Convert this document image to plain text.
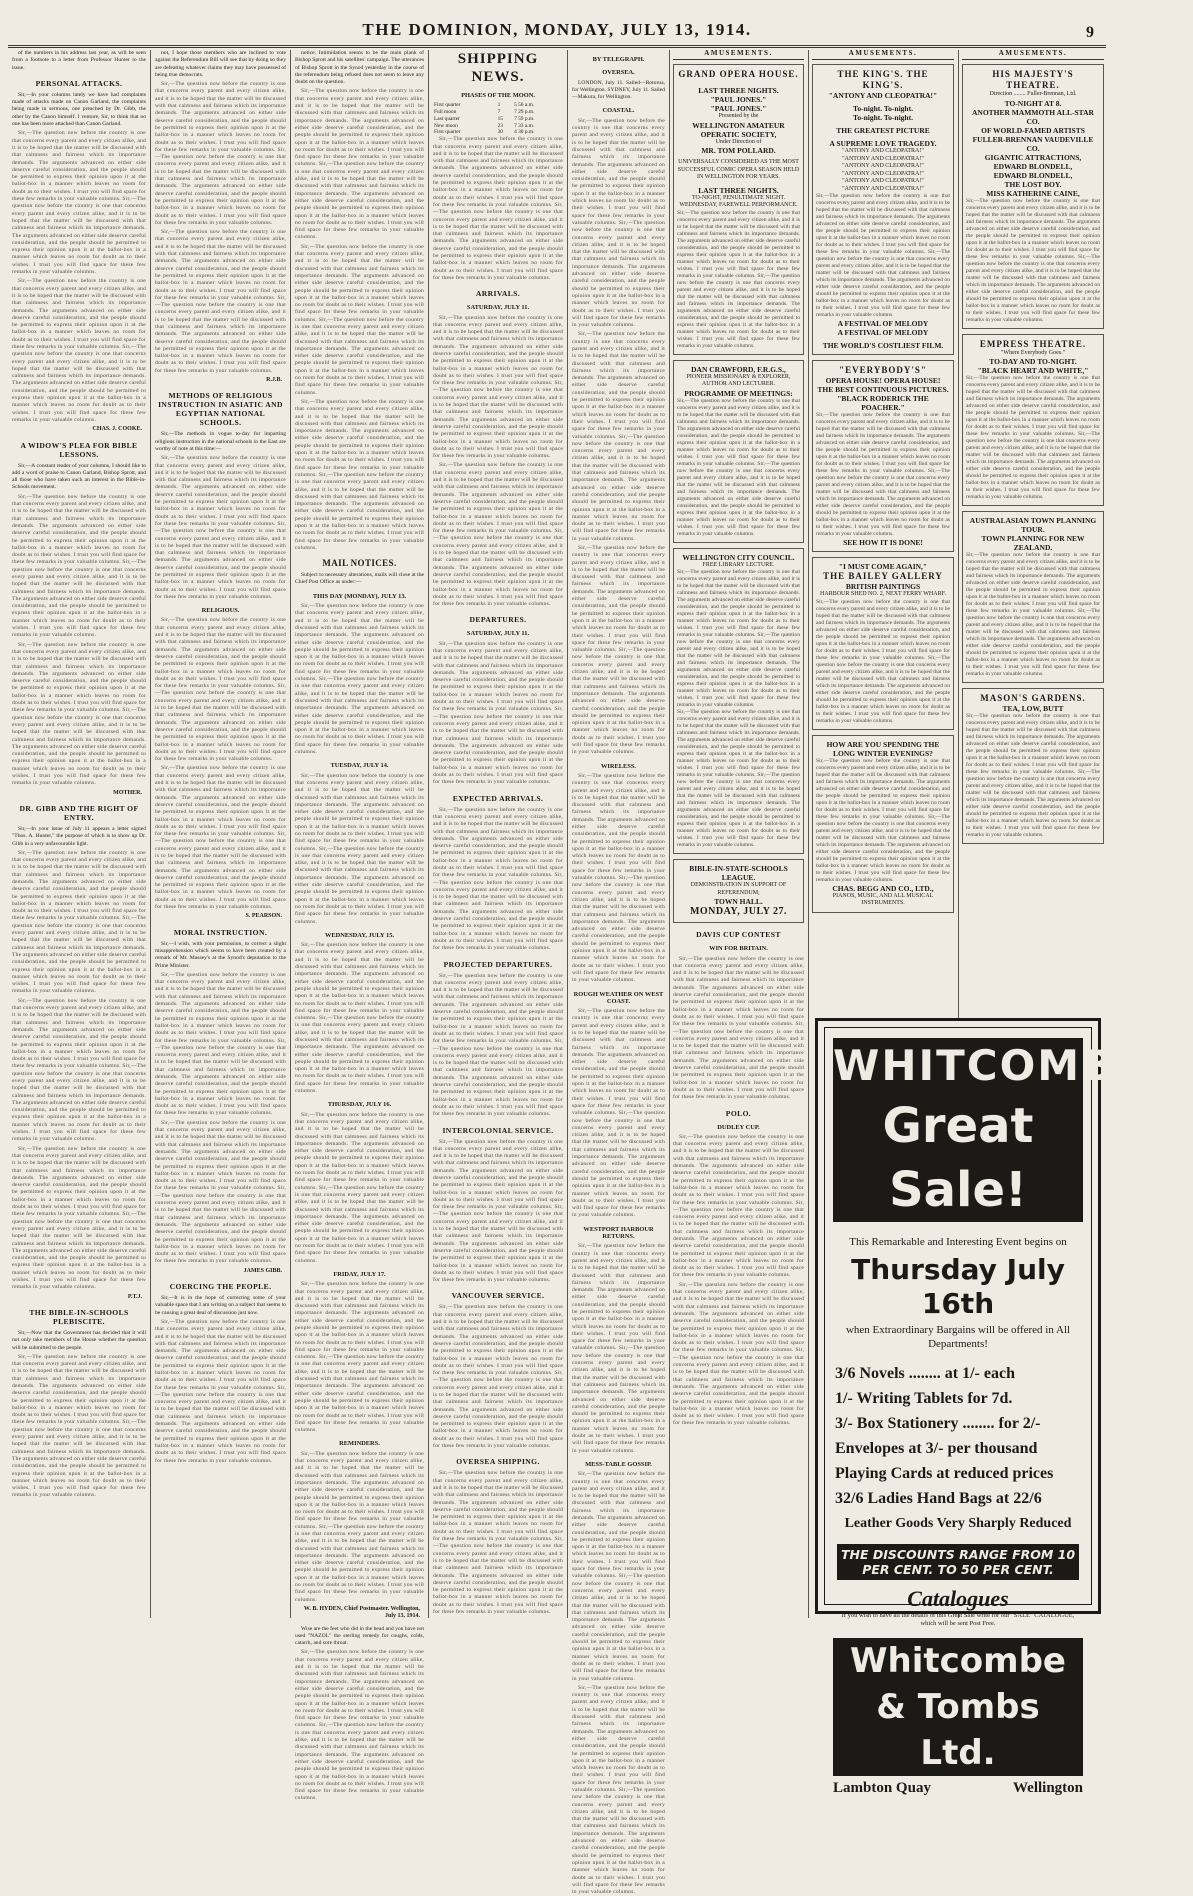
THE DOMINION, MONDAY, JULY 13, 1914.	9

of the numbers in his address last year, as will be seen from a footnote to a letter from Professor Hunter to the issue.

PERSONAL ATTACKS.

Sir,—In your columns lately we have had complaints made of attacks made on Canon Garland, the complaints being made in sermons, one preached by Dr. Gibb, the other by the Canon himself. I venture, Sir, to think that no one has been more attacked than Canon Garland.

Sir,—The question now before the country is one that concerns every parent and every citizen alike, and it is to be hoped that the matter will be discussed with that calmness and fairness which its importance demands. The arguments advanced on either side deserve careful consideration, and the people should be permitted to express their opinion upon it at the ballot-box in a manner which leaves no room for doubt as to their wishes. I trust you will find space for these few remarks in your valuable columns. Sir,—The question now before the country is one that concerns every parent and every citizen alike, and it is to be hoped that the matter will be discussed with that calmness and fairness which its importance demands. The arguments advanced on either side deserve careful consideration, and the people should be permitted to express their opinion upon it at the ballot-box in a manner which leaves no room for doubt as to their wishes. I trust you will find space for these few remarks in your valuable columns.

Sir,—The question now before the country is one that concerns every parent and every citizen alike, and it is to be hoped that the matter will be discussed with that calmness and fairness which its importance demands. The arguments advanced on either side deserve careful consideration, and the people should be permitted to express their opinion upon it at the ballot-box in a manner which leaves no room for doubt as to their wishes. I trust you will find space for these few remarks in your valuable columns. Sir,—The question now before the country is one that concerns every parent and every citizen alike, and it is to be hoped that the matter will be discussed with that calmness and fairness which its importance demands. The arguments advanced on either side deserve careful consideration, and the people should be permitted to express their opinion upon it at the ballot-box in a manner which leaves no room for doubt as to their wishes. I trust you will find space for these few remarks in your valuable columns.

CHAS. J. COOKE.
A WIDOW'S PLEA FOR BIBLE LESSONS.

Sir,—A constant reader of your columns, I should like to add a word of praise to Canon Garland, Bishop Sprott, and all those who have taken such an interest in the Bible-in-Schools movement.

Sir,—The question now before the country is one that concerns every parent and every citizen alike, and it is to be hoped that the matter will be discussed with that calmness and fairness which its importance demands. The arguments advanced on either side deserve careful consideration, and the people should be permitted to express their opinion upon it at the ballot-box in a manner which leaves no room for doubt as to their wishes. I trust you will find space for these few remarks in your valuable columns. Sir,—The question now before the country is one that concerns every parent and every citizen alike, and it is to be hoped that the matter will be discussed with that calmness and fairness which its importance demands. The arguments advanced on either side deserve careful consideration, and the people should be permitted to express their opinion upon it at the ballot-box in a manner which leaves no room for doubt as to their wishes. I trust you will find space for these few remarks in your valuable columns.

Sir,—The question now before the country is one that concerns every parent and every citizen alike, and it is to be hoped that the matter will be discussed with that calmness and fairness which its importance demands. The arguments advanced on either side deserve careful consideration, and the people should be permitted to express their opinion upon it at the ballot-box in a manner which leaves no room for doubt as to their wishes. I trust you will find space for these few remarks in your valuable columns. Sir,—The question now before the country is one that concerns every parent and every citizen alike, and it is to be hoped that the matter will be discussed with that calmness and fairness which its importance demands. The arguments advanced on either side deserve careful consideration, and the people should be permitted to express their opinion upon it at the ballot-box in a manner which leaves no room for doubt as to their wishes. I trust you will find space for these few remarks in your valuable columns.

MOTHER.
DR. GIBB AND THE RIGHT OF ENTRY.

Sir,—In your issue of July 11 appears a letter signed "Thos. A. Hunter," the purpose of which is to show up Dr. Gibb in a very unfavourable light.

Sir,—The question now before the country is one that concerns every parent and every citizen alike, and it is to be hoped that the matter will be discussed with that calmness and fairness which its importance demands. The arguments advanced on either side deserve careful consideration, and the people should be permitted to express their opinion upon it at the ballot-box in a manner which leaves no room for doubt as to their wishes. I trust you will find space for these few remarks in your valuable columns. Sir,—The question now before the country is one that concerns every parent and every citizen alike, and it is to be hoped that the matter will be discussed with that calmness and fairness which its importance demands. The arguments advanced on either side deserve careful consideration, and the people should be permitted to express their opinion upon it at the ballot-box in a manner which leaves no room for doubt as to their wishes. I trust you will find space for these few remarks in your valuable columns.

Sir,—The question now before the country is one that concerns every parent and every citizen alike, and it is to be hoped that the matter will be discussed with that calmness and fairness which its importance demands. The arguments advanced on either side deserve careful consideration, and the people should be permitted to express their opinion upon it at the ballot-box in a manner which leaves no room for doubt as to their wishes. I trust you will find space for these few remarks in your valuable columns. Sir,—The question now before the country is one that concerns every parent and every citizen alike, and it is to be hoped that the matter will be discussed with that calmness and fairness which its importance demands. The arguments advanced on either side deserve careful consideration, and the people should be permitted to express their opinion upon it at the ballot-box in a manner which leaves no room for doubt as to their wishes. I trust you will find space for these few remarks in your valuable columns.

Sir,—The question now before the country is one that concerns every parent and every citizen alike, and it is to be hoped that the matter will be discussed with that calmness and fairness which its importance demands. The arguments advanced on either side deserve careful consideration, and the people should be permitted to express their opinion upon it at the ballot-box in a manner which leaves no room for doubt as to their wishes. I trust you will find space for these few remarks in your valuable columns. Sir,—The question now before the country is one that concerns every parent and every citizen alike, and it is to be hoped that the matter will be discussed with that calmness and fairness which its importance demands. The arguments advanced on either side deserve careful consideration, and the people should be permitted to express their opinion upon it at the ballot-box in a manner which leaves no room for doubt as to their wishes. I trust you will find space for these few remarks in your valuable columns.

P.T.J.
THE BIBLE-IN-SCHOOLS PLEBISCITE.

Sir,—Now that the Government has decided that it will not only take members of the House whether the question will be submitted to the people.

Sir,—The question now before the country is one that concerns every parent and every citizen alike, and it is to be hoped that the matter will be discussed with that calmness and fairness which its importance demands. The arguments advanced on either side deserve careful consideration, and the people should be permitted to express their opinion upon it at the ballot-box in a manner which leaves no room for doubt as to their wishes. I trust you will find space for these few remarks in your valuable columns. Sir,—The question now before the country is one that concerns every parent and every citizen alike, and it is to be hoped that the matter will be discussed with that calmness and fairness which its importance demands. The arguments advanced on either side deserve careful consideration, and the people should be permitted to express their opinion upon it at the ballot-box in a manner which leaves no room for doubt as to their wishes. I trust you will find space for these few remarks in your valuable columns.

not, I hope those members who are inclined to vote against the Referendum Bill will see that by doing so they are defeating whatever claims they may have possessed of being true democrats.

Sir,—The question now before the country is one that concerns every parent and every citizen alike, and it is to be hoped that the matter will be discussed with that calmness and fairness which its importance demands. The arguments advanced on either side deserve careful consideration, and the people should be permitted to express their opinion upon it at the ballot-box in a manner which leaves no room for doubt as to their wishes. I trust you will find space for these few remarks in your valuable columns. Sir,—The question now before the country is one that concerns every parent and every citizen alike, and it is to be hoped that the matter will be discussed with that calmness and fairness which its importance demands. The arguments advanced on either side deserve careful consideration, and the people should be permitted to express their opinion upon it at the ballot-box in a manner which leaves no room for doubt as to their wishes. I trust you will find space for these few remarks in your valuable columns.

Sir,—The question now before the country is one that concerns every parent and every citizen alike, and it is to be hoped that the matter will be discussed with that calmness and fairness which its importance demands. The arguments advanced on either side deserve careful consideration, and the people should be permitted to express their opinion upon it at the ballot-box in a manner which leaves no room for doubt as to their wishes. I trust you will find space for these few remarks in your valuable columns. Sir,—The question now before the country is one that concerns every parent and every citizen alike, and it is to be hoped that the matter will be discussed with that calmness and fairness which its importance demands. The arguments advanced on either side deserve careful consideration, and the people should be permitted to express their opinion upon it at the ballot-box in a manner which leaves no room for doubt as to their wishes. I trust you will find space for these few remarks in your valuable columns.

R.J.B.
METHODS OF RELIGIOUS INSTRUCTION IN ASIATIC AND EGYPTIAN NATIONAL SCHOOLS.

Sir,—The methods in vogue to-day for imparting religious instruction in the national schools in the East are worthy of note at this time:—

Sir,—The question now before the country is one that concerns every parent and every citizen alike, and it is to be hoped that the matter will be discussed with that calmness and fairness which its importance demands. The arguments advanced on either side deserve careful consideration, and the people should be permitted to express their opinion upon it at the ballot-box in a manner which leaves no room for doubt as to their wishes. I trust you will find space for these few remarks in your valuable columns. Sir,—The question now before the country is one that concerns every parent and every citizen alike, and it is to be hoped that the matter will be discussed with that calmness and fairness which its importance demands. The arguments advanced on either side deserve careful consideration, and the people should be permitted to express their opinion upon it at the ballot-box in a manner which leaves no room for doubt as to their wishes. I trust you will find space for these few remarks in your valuable columns.

RELIGIOUS.

Sir,—The question now before the country is one that concerns every parent and every citizen alike, and it is to be hoped that the matter will be discussed with that calmness and fairness which its importance demands. The arguments advanced on either side deserve careful consideration, and the people should be permitted to express their opinion upon it at the ballot-box in a manner which leaves no room for doubt as to their wishes. I trust you will find space for these few remarks in your valuable columns. Sir,—The question now before the country is one that concerns every parent and every citizen alike, and it is to be hoped that the matter will be discussed with that calmness and fairness which its importance demands. The arguments advanced on either side deserve careful consideration, and the people should be permitted to express their opinion upon it at the ballot-box in a manner which leaves no room for doubt as to their wishes. I trust you will find space for these few remarks in your valuable columns.

Sir,—The question now before the country is one that concerns every parent and every citizen alike, and it is to be hoped that the matter will be discussed with that calmness and fairness which its importance demands. The arguments advanced on either side deserve careful consideration, and the people should be permitted to express their opinion upon it at the ballot-box in a manner which leaves no room for doubt as to their wishes. I trust you will find space for these few remarks in your valuable columns. Sir,—The question now before the country is one that concerns every parent and every citizen alike, and it is to be hoped that the matter will be discussed with that calmness and fairness which its importance demands. The arguments advanced on either side deserve careful consideration, and the people should be permitted to express their opinion upon it at the ballot-box in a manner which leaves no room for doubt as to their wishes. I trust you will find space for these few remarks in your valuable columns.

S. PEARSON.
MORAL INSTRUCTION.

Sir,—I wish, with your permission, to correct a slight misapprehension which seems to have been created by a remark of Mr. Massey's at the Synod's deputation to the Prime Minister.

Sir,—The question now before the country is one that concerns every parent and every citizen alike, and it is to be hoped that the matter will be discussed with that calmness and fairness which its importance demands. The arguments advanced on either side deserve careful consideration, and the people should be permitted to express their opinion upon it at the ballot-box in a manner which leaves no room for doubt as to their wishes. I trust you will find space for these few remarks in your valuable columns. Sir,—The question now before the country is one that concerns every parent and every citizen alike, and it is to be hoped that the matter will be discussed with that calmness and fairness which its importance demands. The arguments advanced on either side deserve careful consideration, and the people should be permitted to express their opinion upon it at the ballot-box in a manner which leaves no room for doubt as to their wishes. I trust you will find space for these few remarks in your valuable columns.

Sir,—The question now before the country is one that concerns every parent and every citizen alike, and it is to be hoped that the matter will be discussed with that calmness and fairness which its importance demands. The arguments advanced on either side deserve careful consideration, and the people should be permitted to express their opinion upon it at the ballot-box in a manner which leaves no room for doubt as to their wishes. I trust you will find space for these few remarks in your valuable columns. Sir,—The question now before the country is one that concerns every parent and every citizen alike, and it is to be hoped that the matter will be discussed with that calmness and fairness which its importance demands. The arguments advanced on either side deserve careful consideration, and the people should be permitted to express their opinion upon it at the ballot-box in a manner which leaves no room for doubt as to their wishes. I trust you will find space for these few remarks in your valuable columns.

JAMES GIBB.
COERCING THE PEOPLE.

Sir,—It is in the hope of correcting some of your valuable space that I am writing on a subject that seems to be causing a great deal of discussion just now.

Sir,—The question now before the country is one that concerns every parent and every citizen alike, and it is to be hoped that the matter will be discussed with that calmness and fairness which its importance demands. The arguments advanced on either side deserve careful consideration, and the people should be permitted to express their opinion upon it at the ballot-box in a manner which leaves no room for doubt as to their wishes. I trust you will find space for these few remarks in your valuable columns. Sir,—The question now before the country is one that concerns every parent and every citizen alike, and it is to be hoped that the matter will be discussed with that calmness and fairness which its importance demands. The arguments advanced on either side deserve careful consideration, and the people should be permitted to express their opinion upon it at the ballot-box in a manner which leaves no room for doubt as to their wishes. I trust you will find space for these few remarks in your valuable columns.

notice. Intimidation seems to be the main plank of Bishop Sprott and his satellites' campaign. The utterances of Bishop Sprott in the Synod yesterday in the course of the referendum being refused does not seem to leave any doubt on the question.

Sir,—The question now before the country is one that concerns every parent and every citizen alike, and it is to be hoped that the matter will be discussed with that calmness and fairness which its importance demands. The arguments advanced on either side deserve careful consideration, and the people should be permitted to express their opinion upon it at the ballot-box in a manner which leaves no room for doubt as to their wishes. I trust you will find space for these few remarks in your valuable columns. Sir,—The question now before the country is one that concerns every parent and every citizen alike, and it is to be hoped that the matter will be discussed with that calmness and fairness which its importance demands. The arguments advanced on either side deserve careful consideration, and the people should be permitted to express their opinion upon it at the ballot-box in a manner which leaves no room for doubt as to their wishes. I trust you will find space for these few remarks in your valuable columns.

Sir,—The question now before the country is one that concerns every parent and every citizen alike, and it is to be hoped that the matter will be discussed with that calmness and fairness which its importance demands. The arguments advanced on either side deserve careful consideration, and the people should be permitted to express their opinion upon it at the ballot-box in a manner which leaves no room for doubt as to their wishes. I trust you will find space for these few remarks in your valuable columns. Sir,—The question now before the country is one that concerns every parent and every citizen alike, and it is to be hoped that the matter will be discussed with that calmness and fairness which its importance demands. The arguments advanced on either side deserve careful consideration, and the people should be permitted to express their opinion upon it at the ballot-box in a manner which leaves no room for doubt as to their wishes. I trust you will find space for these few remarks in your valuable columns.

Sir,—The question now before the country is one that concerns every parent and every citizen alike, and it is to be hoped that the matter will be discussed with that calmness and fairness which its importance demands. The arguments advanced on either side deserve careful consideration, and the people should be permitted to express their opinion upon it at the ballot-box in a manner which leaves no room for doubt as to their wishes. I trust you will find space for these few remarks in your valuable columns. Sir,—The question now before the country is one that concerns every parent and every citizen alike, and it is to be hoped that the matter will be discussed with that calmness and fairness which its importance demands. The arguments advanced on either side deserve careful consideration, and the people should be permitted to express their opinion upon it at the ballot-box in a manner which leaves no room for doubt as to their wishes. I trust you will find space for these few remarks in your valuable columns.

MAIL NOTICES.

Subject to necessary alterations, mails will close at the Chief Post Office as under:—

THIS DAY (MONDAY), JULY 13.

Sir,—The question now before the country is one that concerns every parent and every citizen alike, and it is to be hoped that the matter will be discussed with that calmness and fairness which its importance demands. The arguments advanced on either side deserve careful consideration, and the people should be permitted to express their opinion upon it at the ballot-box in a manner which leaves no room for doubt as to their wishes. I trust you will find space for these few remarks in your valuable columns. Sir,—The question now before the country is one that concerns every parent and every citizen alike, and it is to be hoped that the matter will be discussed with that calmness and fairness which its importance demands. The arguments advanced on either side deserve careful consideration, and the people should be permitted to express their opinion upon it at the ballot-box in a manner which leaves no room for doubt as to their wishes. I trust you will find space for these few remarks in your valuable columns.

TUESDAY, JULY 14.

Sir,—The question now before the country is one that concerns every parent and every citizen alike, and it is to be hoped that the matter will be discussed with that calmness and fairness which its importance demands. The arguments advanced on either side deserve careful consideration, and the people should be permitted to express their opinion upon it at the ballot-box in a manner which leaves no room for doubt as to their wishes. I trust you will find space for these few remarks in your valuable columns. Sir,—The question now before the country is one that concerns every parent and every citizen alike, and it is to be hoped that the matter will be discussed with that calmness and fairness which its importance demands. The arguments advanced on either side deserve careful consideration, and the people should be permitted to express their opinion upon it at the ballot-box in a manner which leaves no room for doubt as to their wishes. I trust you will find space for these few remarks in your valuable columns.

WEDNESDAY, JULY 15.

Sir,—The question now before the country is one that concerns every parent and every citizen alike, and it is to be hoped that the matter will be discussed with that calmness and fairness which its importance demands. The arguments advanced on either side deserve careful consideration, and the people should be permitted to express their opinion upon it at the ballot-box in a manner which leaves no room for doubt as to their wishes. I trust you will find space for these few remarks in your valuable columns. Sir,—The question now before the country is one that concerns every parent and every citizen alike, and it is to be hoped that the matter will be discussed with that calmness and fairness which its importance demands. The arguments advanced on either side deserve careful consideration, and the people should be permitted to express their opinion upon it at the ballot-box in a manner which leaves no room for doubt as to their wishes. I trust you will find space for these few remarks in your valuable columns.

THURSDAY, JULY 16.

Sir,—The question now before the country is one that concerns every parent and every citizen alike, and it is to be hoped that the matter will be discussed with that calmness and fairness which its importance demands. The arguments advanced on either side deserve careful consideration, and the people should be permitted to express their opinion upon it at the ballot-box in a manner which leaves no room for doubt as to their wishes. I trust you will find space for these few remarks in your valuable columns. Sir,—The question now before the country is one that concerns every parent and every citizen alike, and it is to be hoped that the matter will be discussed with that calmness and fairness which its importance demands. The arguments advanced on either side deserve careful consideration, and the people should be permitted to express their opinion upon it at the ballot-box in a manner which leaves no room for doubt as to their wishes. I trust you will find space for these few remarks in your valuable columns.

FRIDAY, JULY 17.

Sir,—The question now before the country is one that concerns every parent and every citizen alike, and it is to be hoped that the matter will be discussed with that calmness and fairness which its importance demands. The arguments advanced on either side deserve careful consideration, and the people should be permitted to express their opinion upon it at the ballot-box in a manner which leaves no room for doubt as to their wishes. I trust you will find space for these few remarks in your valuable columns. Sir,—The question now before the country is one that concerns every parent and every citizen alike, and it is to be hoped that the matter will be discussed with that calmness and fairness which its importance demands. The arguments advanced on either side deserve careful consideration, and the people should be permitted to express their opinion upon it at the ballot-box in a manner which leaves no room for doubt as to their wishes. I trust you will find space for these few remarks in your valuable columns.

REMINDERS.

Sir,—The question now before the country is one that concerns every parent and every citizen alike, and it is to be hoped that the matter will be discussed with that calmness and fairness which its importance demands. The arguments advanced on either side deserve careful consideration, and the people should be permitted to express their opinion upon it at the ballot-box in a manner which leaves no room for doubt as to their wishes. I trust you will find space for these few remarks in your valuable columns. Sir,—The question now before the country is one that concerns every parent and every citizen alike, and it is to be hoped that the matter will be discussed with that calmness and fairness which its importance demands. The arguments advanced on either side deserve careful consideration, and the people should be permitted to express their opinion upon it at the ballot-box in a manner which leaves no room for doubt as to their wishes. I trust you will find space for these few remarks in your valuable columns.

W. B. HYDEN, Chief Postmaster. Wellington, July 13, 1914.

Wise are the feet who did in the head and you have not used "NAZOL" the sterling remedy for coughs, colds, catarrh, and sore throat.

Sir,—The question now before the country is one that concerns every parent and every citizen alike, and it is to be hoped that the matter will be discussed with that calmness and fairness which its importance demands. The arguments advanced on either side deserve careful consideration, and the people should be permitted to express their opinion upon it at the ballot-box in a manner which leaves no room for doubt as to their wishes. I trust you will find space for these few remarks in your valuable columns. Sir,—The question now before the country is one that concerns every parent and every citizen alike, and it is to be hoped that the matter will be discussed with that calmness and fairness which its importance demands. The arguments advanced on either side deserve careful consideration, and the people should be permitted to express their opinion upon it at the ballot-box in a manner which leaves no room for doubt as to their wishes. I trust you will find space for these few remarks in your valuable columns.

SHIPPING NEWS.
PHASES OF THE MOON.
First quarter	1	5 56 a.m.
Full moon	7	7 29 p.m.
Last quarter	15	7 59 p.m.
New moon	23	7 33 a.m.
First quarter	30	4 30 p.m.

Sir,—The question now before the country is one that concerns every parent and every citizen alike, and it is to be hoped that the matter will be discussed with that calmness and fairness which its importance demands. The arguments advanced on either side deserve careful consideration, and the people should be permitted to express their opinion upon it at the ballot-box in a manner which leaves no room for doubt as to their wishes. I trust you will find space for these few remarks in your valuable columns. Sir,—The question now before the country is one that concerns every parent and every citizen alike, and it is to be hoped that the matter will be discussed with that calmness and fairness which its importance demands. The arguments advanced on either side deserve careful consideration, and the people should be permitted to express their opinion upon it at the ballot-box in a manner which leaves no room for doubt as to their wishes. I trust you will find space for these few remarks in your valuable columns.

ARRIVALS.
SATURDAY, JULY 11.

Sir,—The question now before the country is one that concerns every parent and every citizen alike, and it is to be hoped that the matter will be discussed with that calmness and fairness which its importance demands. The arguments advanced on either side deserve careful consideration, and the people should be permitted to express their opinion upon it at the ballot-box in a manner which leaves no room for doubt as to their wishes. I trust you will find space for these few remarks in your valuable columns. Sir,—The question now before the country is one that concerns every parent and every citizen alike, and it is to be hoped that the matter will be discussed with that calmness and fairness which its importance demands. The arguments advanced on either side deserve careful consideration, and the people should be permitted to express their opinion upon it at the ballot-box in a manner which leaves no room for doubt as to their wishes. I trust you will find space for these few remarks in your valuable columns.

Sir,—The question now before the country is one that concerns every parent and every citizen alike, and it is to be hoped that the matter will be discussed with that calmness and fairness which its importance demands. The arguments advanced on either side deserve careful consideration, and the people should be permitted to express their opinion upon it at the ballot-box in a manner which leaves no room for doubt as to their wishes. I trust you will find space for these few remarks in your valuable columns. Sir,—The question now before the country is one that concerns every parent and every citizen alike, and it is to be hoped that the matter will be discussed with that calmness and fairness which its importance demands. The arguments advanced on either side deserve careful consideration, and the people should be permitted to express their opinion upon it at the ballot-box in a manner which leaves no room for doubt as to their wishes. I trust you will find space for these few remarks in your valuable columns.

DEPARTURES.
SATURDAY, JULY 11.

Sir,—The question now before the country is one that concerns every parent and every citizen alike, and it is to be hoped that the matter will be discussed with that calmness and fairness which its importance demands. The arguments advanced on either side deserve careful consideration, and the people should be permitted to express their opinion upon it at the ballot-box in a manner which leaves no room for doubt as to their wishes. I trust you will find space for these few remarks in your valuable columns. Sir,—The question now before the country is one that concerns every parent and every citizen alike, and it is to be hoped that the matter will be discussed with that calmness and fairness which its importance demands. The arguments advanced on either side deserve careful consideration, and the people should be permitted to express their opinion upon it at the ballot-box in a manner which leaves no room for doubt as to their wishes. I trust you will find space for these few remarks in your valuable columns.

EXPECTED ARRIVALS.

Sir,—The question now before the country is one that concerns every parent and every citizen alike, and it is to be hoped that the matter will be discussed with that calmness and fairness which its importance demands. The arguments advanced on either side deserve careful consideration, and the people should be permitted to express their opinion upon it at the ballot-box in a manner which leaves no room for doubt as to their wishes. I trust you will find space for these few remarks in your valuable columns. Sir,—The question now before the country is one that concerns every parent and every citizen alike, and it is to be hoped that the matter will be discussed with that calmness and fairness which its importance demands. The arguments advanced on either side deserve careful consideration, and the people should be permitted to express their opinion upon it at the ballot-box in a manner which leaves no room for doubt as to their wishes. I trust you will find space for these few remarks in your valuable columns.

PROJECTED DEPARTURES.

Sir,—The question now before the country is one that concerns every parent and every citizen alike, and it is to be hoped that the matter will be discussed with that calmness and fairness which its importance demands. The arguments advanced on either side deserve careful consideration, and the people should be permitted to express their opinion upon it at the ballot-box in a manner which leaves no room for doubt as to their wishes. I trust you will find space for these few remarks in your valuable columns. Sir,—The question now before the country is one that concerns every parent and every citizen alike, and it is to be hoped that the matter will be discussed with that calmness and fairness which its importance demands. The arguments advanced on either side deserve careful consideration, and the people should be permitted to express their opinion upon it at the ballot-box in a manner which leaves no room for doubt as to their wishes. I trust you will find space for these few remarks in your valuable columns.

INTERCOLONIAL SERVICE.

Sir,—The question now before the country is one that concerns every parent and every citizen alike, and it is to be hoped that the matter will be discussed with that calmness and fairness which its importance demands. The arguments advanced on either side deserve careful consideration, and the people should be permitted to express their opinion upon it at the ballot-box in a manner which leaves no room for doubt as to their wishes. I trust you will find space for these few remarks in your valuable columns. Sir,—The question now before the country is one that concerns every parent and every citizen alike, and it is to be hoped that the matter will be discussed with that calmness and fairness which its importance demands. The arguments advanced on either side deserve careful consideration, and the people should be permitted to express their opinion upon it at the ballot-box in a manner which leaves no room for doubt as to their wishes. I trust you will find space for these few remarks in your valuable columns.

VANCOUVER SERVICE.

Sir,—The question now before the country is one that concerns every parent and every citizen alike, and it is to be hoped that the matter will be discussed with that calmness and fairness which its importance demands. The arguments advanced on either side deserve careful consideration, and the people should be permitted to express their opinion upon it at the ballot-box in a manner which leaves no room for doubt as to their wishes. I trust you will find space for these few remarks in your valuable columns. Sir,—The question now before the country is one that concerns every parent and every citizen alike, and it is to be hoped that the matter will be discussed with that calmness and fairness which its importance demands. The arguments advanced on either side deserve careful consideration, and the people should be permitted to express their opinion upon it at the ballot-box in a manner which leaves no room for doubt as to their wishes. I trust you will find space for these few remarks in your valuable columns.

OVERSEA SHIPPING.

Sir,—The question now before the country is one that concerns every parent and every citizen alike, and it is to be hoped that the matter will be discussed with that calmness and fairness which its importance demands. The arguments advanced on either side deserve careful consideration, and the people should be permitted to express their opinion upon it at the ballot-box in a manner which leaves no room for doubt as to their wishes. I trust you will find space for these few remarks in your valuable columns. Sir,—The question now before the country is one that concerns every parent and every citizen alike, and it is to be hoped that the matter will be discussed with that calmness and fairness which its importance demands. The arguments advanced on either side deserve careful consideration, and the people should be permitted to express their opinion upon it at the ballot-box in a manner which leaves no room for doubt as to their wishes. I trust you will find space for these few remarks in your valuable columns.

BY TELEGRAPH.
OVERSEA.

LONDON, July 11. Sailed—Rotorua, for Wellington. SYDNEY, July 11. Sailed—Makura, for Wellington.

COASTAL.

Sir,—The question now before the country is one that concerns every parent and every citizen alike, and it is to be hoped that the matter will be discussed with that calmness and fairness which its importance demands. The arguments advanced on either side deserve careful consideration, and the people should be permitted to express their opinion upon it at the ballot-box in a manner which leaves no room for doubt as to their wishes. I trust you will find space for these few remarks in your valuable columns. Sir,—The question now before the country is one that concerns every parent and every citizen alike, and it is to be hoped that the matter will be discussed with that calmness and fairness which its importance demands. The arguments advanced on either side deserve careful consideration, and the people should be permitted to express their opinion upon it at the ballot-box in a manner which leaves no room for doubt as to their wishes. I trust you will find space for these few remarks in your valuable columns.

Sir,—The question now before the country is one that concerns every parent and every citizen alike, and it is to be hoped that the matter will be discussed with that calmness and fairness which its importance demands. The arguments advanced on either side deserve careful consideration, and the people should be permitted to express their opinion upon it at the ballot-box in a manner which leaves no room for doubt as to their wishes. I trust you will find space for these few remarks in your valuable columns. Sir,—The question now before the country is one that concerns every parent and every citizen alike, and it is to be hoped that the matter will be discussed with that calmness and fairness which its importance demands. The arguments advanced on either side deserve careful consideration, and the people should be permitted to express their opinion upon it at the ballot-box in a manner which leaves no room for doubt as to their wishes. I trust you will find space for these few remarks in your valuable columns.

Sir,—The question now before the country is one that concerns every parent and every citizen alike, and it is to be hoped that the matter will be discussed with that calmness and fairness which its importance demands. The arguments advanced on either side deserve careful consideration, and the people should be permitted to express their opinion upon it at the ballot-box in a manner which leaves no room for doubt as to their wishes. I trust you will find space for these few remarks in your valuable columns. Sir,—The question now before the country is one that concerns every parent and every citizen alike, and it is to be hoped that the matter will be discussed with that calmness and fairness which its importance demands. The arguments advanced on either side deserve careful consideration, and the people should be permitted to express their opinion upon it at the ballot-box in a manner which leaves no room for doubt as to their wishes. I trust you will find space for these few remarks in your valuable columns.

WIRELESS.

Sir,—The question now before the country is one that concerns every parent and every citizen alike, and it is to be hoped that the matter will be discussed with that calmness and fairness which its importance demands. The arguments advanced on either side deserve careful consideration, and the people should be permitted to express their opinion upon it at the ballot-box in a manner which leaves no room for doubt as to their wishes. I trust you will find space for these few remarks in your valuable columns. Sir,—The question now before the country is one that concerns every parent and every citizen alike, and it is to be hoped that the matter will be discussed with that calmness and fairness which its importance demands. The arguments advanced on either side deserve careful consideration, and the people should be permitted to express their opinion upon it at the ballot-box in a manner which leaves no room for doubt as to their wishes. I trust you will find space for these few remarks in your valuable columns.

ROUGH WEATHER ON WEST COAST.

Sir,—The question now before the country is one that concerns every parent and every citizen alike, and it is to be hoped that the matter will be discussed with that calmness and fairness which its importance demands. The arguments advanced on either side deserve careful consideration, and the people should be permitted to express their opinion upon it at the ballot-box in a manner which leaves no room for doubt as to their wishes. I trust you will find space for these few remarks in your valuable columns. Sir,—The question now before the country is one that concerns every parent and every citizen alike, and it is to be hoped that the matter will be discussed with that calmness and fairness which its importance demands. The arguments advanced on either side deserve careful consideration, and the people should be permitted to express their opinion upon it at the ballot-box in a manner which leaves no room for doubt as to their wishes. I trust you will find space for these few remarks in your valuable columns.

WESTPORT HARBOUR RETURNS.

Sir,—The question now before the country is one that concerns every parent and every citizen alike, and it is to be hoped that the matter will be discussed with that calmness and fairness which its importance demands. The arguments advanced on either side deserve careful consideration, and the people should be permitted to express their opinion upon it at the ballot-box in a manner which leaves no room for doubt as to their wishes. I trust you will find space for these few remarks in your valuable columns. Sir,—The question now before the country is one that concerns every parent and every citizen alike, and it is to be hoped that the matter will be discussed with that calmness and fairness which its importance demands. The arguments advanced on either side deserve careful consideration, and the people should be permitted to express their opinion upon it at the ballot-box in a manner which leaves no room for doubt as to their wishes. I trust you will find space for these few remarks in your valuable columns.

MESS-TABLE GOSSIP.

Sir,—The question now before the country is one that concerns every parent and every citizen alike, and it is to be hoped that the matter will be discussed with that calmness and fairness which its importance demands. The arguments advanced on either side deserve careful consideration, and the people should be permitted to express their opinion upon it at the ballot-box in a manner which leaves no room for doubt as to their wishes. I trust you will find space for these few remarks in your valuable columns. Sir,—The question now before the country is one that concerns every parent and every citizen alike, and it is to be hoped that the matter will be discussed with that calmness and fairness which its importance demands. The arguments advanced on either side deserve careful consideration, and the people should be permitted to express their opinion upon it at the ballot-box in a manner which leaves no room for doubt as to their wishes. I trust you will find space for these few remarks in your valuable columns.

Sir,—The question now before the country is one that concerns every parent and every citizen alike, and it is to be hoped that the matter will be discussed with that calmness and fairness which its importance demands. The arguments advanced on either side deserve careful consideration, and the people should be permitted to express their opinion upon it at the ballot-box in a manner which leaves no room for doubt as to their wishes. I trust you will find space for these few remarks in your valuable columns. Sir,—The question now before the country is one that concerns every parent and every citizen alike, and it is to be hoped that the matter will be discussed with that calmness and fairness which its importance demands. The arguments advanced on either side deserve careful consideration, and the people should be permitted to express their opinion upon it at the ballot-box in a manner which leaves no room for doubt as to their wishes. I trust you will find space for these few remarks in your valuable columns.

AMUSEMENTS.
GRAND OPERA HOUSE.
LAST THREE NIGHTS.
"PAUL JONES."
"PAUL JONES."
Presented by the
WELLINGTON AMATEUR OPERATIC SOCIETY,
Under Direction of
MR. TOM POLLARD.
UNIVERSALLY CONSIDERED AS THE MOST SUCCESSFUL COMIC OPERA SEASON HELD IN WELLINGTON FOR YEARS.
LAST THREE NIGHTS.
TO-NIGHT, PENULTIMATE NIGHT.
WEDNESDAY, FAREWELL PERFORMANCE.
Sir,—The question now before the country is one that concerns every parent and every citizen alike, and it is to be hoped that the matter will be discussed with that calmness and fairness which its importance demands. The arguments advanced on either side deserve careful consideration, and the people should be permitted to express their opinion upon it at the ballot-box in a manner which leaves no room for doubt as to their wishes. I trust you will find space for these few remarks in your valuable columns. Sir,—The question now before the country is one that concerns every parent and every citizen alike, and it is to be hoped that the matter will be discussed with that calmness and fairness which its importance demands. The arguments advanced on either side deserve careful consideration, and the people should be permitted to express their opinion upon it at the ballot-box in a manner which leaves no room for doubt as to their wishes. I trust you will find space for these few remarks in your valuable columns.
DAN CRAWFORD, F.R.G.S.,
PIONEER MISSIONARY & EXPLORER, AUTHOR AND LECTURER.
PROGRAMME OF MEETINGS:
Sir,—The question now before the country is one that concerns every parent and every citizen alike, and it is to be hoped that the matter will be discussed with that calmness and fairness which its importance demands. The arguments advanced on either side deserve careful consideration, and the people should be permitted to express their opinion upon it at the ballot-box in a manner which leaves no room for doubt as to their wishes. I trust you will find space for these few remarks in your valuable columns. Sir,—The question now before the country is one that concerns every parent and every citizen alike, and it is to be hoped that the matter will be discussed with that calmness and fairness which its importance demands. The arguments advanced on either side deserve careful consideration, and the people should be permitted to express their opinion upon it at the ballot-box in a manner which leaves no room for doubt as to their wishes. I trust you will find space for these few remarks in your valuable columns.
WELLINGTON CITY COUNCIL.
FREE LIBRARY LECTURE.
Sir,—The question now before the country is one that concerns every parent and every citizen alike, and it is to be hoped that the matter will be discussed with that calmness and fairness which its importance demands. The arguments advanced on either side deserve careful consideration, and the people should be permitted to express their opinion upon it at the ballot-box in a manner which leaves no room for doubt as to their wishes. I trust you will find space for these few remarks in your valuable columns. Sir,—The question now before the country is one that concerns every parent and every citizen alike, and it is to be hoped that the matter will be discussed with that calmness and fairness which its importance demands. The arguments advanced on either side deserve careful consideration, and the people should be permitted to express their opinion upon it at the ballot-box in a manner which leaves no room for doubt as to their wishes. I trust you will find space for these few remarks in your valuable columns.
Sir,—The question now before the country is one that concerns every parent and every citizen alike, and it is to be hoped that the matter will be discussed with that calmness and fairness which its importance demands. The arguments advanced on either side deserve careful consideration, and the people should be permitted to express their opinion upon it at the ballot-box in a manner which leaves no room for doubt as to their wishes. I trust you will find space for these few remarks in your valuable columns. Sir,—The question now before the country is one that concerns every parent and every citizen alike, and it is to be hoped that the matter will be discussed with that calmness and fairness which its importance demands. The arguments advanced on either side deserve careful consideration, and the people should be permitted to express their opinion upon it at the ballot-box in a manner which leaves no room for doubt as to their wishes. I trust you will find space for these few remarks in your valuable columns.
BIBLE-IN-STATE-SCHOOLS LEAGUE.
DEMONSTRATION IN SUPPORT OF REFERENDUM,
TOWN HALL.
MONDAY, JULY 27.
DAVIS CUP CONTEST
WIN FOR BRITAIN.

Sir,—The question now before the country is one that concerns every parent and every citizen alike, and it is to be hoped that the matter will be discussed with that calmness and fairness which its importance demands. The arguments advanced on either side deserve careful consideration, and the people should be permitted to express their opinion upon it at the ballot-box in a manner which leaves no room for doubt as to their wishes. I trust you will find space for these few remarks in your valuable columns. Sir,—The question now before the country is one that concerns every parent and every citizen alike, and it is to be hoped that the matter will be discussed with that calmness and fairness which its importance demands. The arguments advanced on either side deserve careful consideration, and the people should be permitted to express their opinion upon it at the ballot-box in a manner which leaves no room for doubt as to their wishes. I trust you will find space for these few remarks in your valuable columns.

POLO.
DUDLEY CUP.

Sir,—The question now before the country is one that concerns every parent and every citizen alike, and it is to be hoped that the matter will be discussed with that calmness and fairness which its importance demands. The arguments advanced on either side deserve careful consideration, and the people should be permitted to express their opinion upon it at the ballot-box in a manner which leaves no room for doubt as to their wishes. I trust you will find space for these few remarks in your valuable columns. Sir,—The question now before the country is one that concerns every parent and every citizen alike, and it is to be hoped that the matter will be discussed with that calmness and fairness which its importance demands. The arguments advanced on either side deserve careful consideration, and the people should be permitted to express their opinion upon it at the ballot-box in a manner which leaves no room for doubt as to their wishes. I trust you will find space for these few remarks in your valuable columns.

Sir,—The question now before the country is one that concerns every parent and every citizen alike, and it is to be hoped that the matter will be discussed with that calmness and fairness which its importance demands. The arguments advanced on either side deserve careful consideration, and the people should be permitted to express their opinion upon it at the ballot-box in a manner which leaves no room for doubt as to their wishes. I trust you will find space for these few remarks in your valuable columns. Sir,—The question now before the country is one that concerns every parent and every citizen alike, and it is to be hoped that the matter will be discussed with that calmness and fairness which its importance demands. The arguments advanced on either side deserve careful consideration, and the people should be permitted to express their opinion upon it at the ballot-box in a manner which leaves no room for doubt as to their wishes. I trust you will find space for these few remarks in your valuable columns.

AMUSEMENTS.
THE KING'S. THE KING'S.
"ANTONY AND CLEOPATRA!"
To-night. To-night.
To-night. To-night.
THE GREATEST PICTURE
A SUPREME LOVE TRAGEDY.
"ANTONY AND CLEOPATRA!"
"ANTONY AND CLEOPATRA!"
"ANTONY AND CLEOPATRA!"
"ANTONY AND CLEOPATRA!"
"ANTONY AND CLEOPATRA!"
"ANTONY AND CLEOPATRA!"
Sir,—The question now before the country is one that concerns every parent and every citizen alike, and it is to be hoped that the matter will be discussed with that calmness and fairness which its importance demands. The arguments advanced on either side deserve careful consideration, and the people should be permitted to express their opinion upon it at the ballot-box in a manner which leaves no room for doubt as to their wishes. I trust you will find space for these few remarks in your valuable columns. Sir,—The question now before the country is one that concerns every parent and every citizen alike, and it is to be hoped that the matter will be discussed with that calmness and fairness which its importance demands. The arguments advanced on either side deserve careful consideration, and the people should be permitted to express their opinion upon it at the ballot-box in a manner which leaves no room for doubt as to their wishes. I trust you will find space for these few remarks in your valuable columns.
A FESTIVAL OF MELODY
A FESTIVAL OF MELODY
THE WORLD'S COSTLIEST FILM.
"EVERYBODY'S"
OPERA HOUSE! OPERA HOUSE!
THE BEST CONTINUOUS PICTURES.
"BLACK RODERICK THE POACHER."
Sir,—The question now before the country is one that concerns every parent and every citizen alike, and it is to be hoped that the matter will be discussed with that calmness and fairness which its importance demands. The arguments advanced on either side deserve careful consideration, and the people should be permitted to express their opinion upon it at the ballot-box in a manner which leaves no room for doubt as to their wishes. I trust you will find space for these few remarks in your valuable columns. Sir,—The question now before the country is one that concerns every parent and every citizen alike, and it is to be hoped that the matter will be discussed with that calmness and fairness which its importance demands. The arguments advanced on either side deserve careful consideration, and the people should be permitted to express their opinion upon it at the ballot-box in a manner which leaves no room for doubt as to their wishes. I trust you will find space for these few remarks in your valuable columns.
SEE HOW IT IS DONE!
"I MUST COME AGAIN,"
THE BAILEY GALLERY
BRITISH PAINTINGS
HARBOUR SHED NO. 2, NEXT FERRY WHARF.
Sir,—The question now before the country is one that concerns every parent and every citizen alike, and it is to be hoped that the matter will be discussed with that calmness and fairness which its importance demands. The arguments advanced on either side deserve careful consideration, and the people should be permitted to express their opinion upon it at the ballot-box in a manner which leaves no room for doubt as to their wishes. I trust you will find space for these few remarks in your valuable columns. Sir,—The question now before the country is one that concerns every parent and every citizen alike, and it is to be hoped that the matter will be discussed with that calmness and fairness which its importance demands. The arguments advanced on either side deserve careful consideration, and the people should be permitted to express their opinion upon it at the ballot-box in a manner which leaves no room for doubt as to their wishes. I trust you will find space for these few remarks in your valuable columns.
HOW ARE YOU SPENDING THE LONG WINTER EVENINGS?
Sir,—The question now before the country is one that concerns every parent and every citizen alike, and it is to be hoped that the matter will be discussed with that calmness and fairness which its importance demands. The arguments advanced on either side deserve careful consideration, and the people should be permitted to express their opinion upon it at the ballot-box in a manner which leaves no room for doubt as to their wishes. I trust you will find space for these few remarks in your valuable columns. Sir,—The question now before the country is one that concerns every parent and every citizen alike, and it is to be hoped that the matter will be discussed with that calmness and fairness which its importance demands. The arguments advanced on either side deserve careful consideration, and the people should be permitted to express their opinion upon it at the ballot-box in a manner which leaves no room for doubt as to their wishes. I trust you will find space for these few remarks in your valuable columns.
CHAS. BEGG AND CO., LTD.,
PIANOS, MUSIC, AND ALL MUSICAL INSTRUMENTS.
AMUSEMENTS.
HIS MAJESTY'S THEATRE.
Direction ........ Fuller-Brennan, Ltd.
TO-NIGHT AT 8.
ANOTHER MAMMOTH ALL-STAR CO.
OF WORLD-FAMED ARTISTS
FULLER-BRENNAN VAUDEVILLE CO.
GIGANTIC ATTRACTIONS,
EDWARD BLONDELL,
EDWARD BLONDELL,
THE LOST BOY.
MISS KATHERINE CAINE,
Sir,—The question now before the country is one that concerns every parent and every citizen alike, and it is to be hoped that the matter will be discussed with that calmness and fairness which its importance demands. The arguments advanced on either side deserve careful consideration, and the people should be permitted to express their opinion upon it at the ballot-box in a manner which leaves no room for doubt as to their wishes. I trust you will find space for these few remarks in your valuable columns. Sir,—The question now before the country is one that concerns every parent and every citizen alike, and it is to be hoped that the matter will be discussed with that calmness and fairness which its importance demands. The arguments advanced on either side deserve careful consideration, and the people should be permitted to express their opinion upon it at the ballot-box in a manner which leaves no room for doubt as to their wishes. I trust you will find space for these few remarks in your valuable columns.
EMPRESS THEATRE.
"Where Everybody Goes."
TO-DAY AND TO-NIGHT.
"BLACK HEART AND WHITE,"
Sir,—The question now before the country is one that concerns every parent and every citizen alike, and it is to be hoped that the matter will be discussed with that calmness and fairness which its importance demands. The arguments advanced on either side deserve careful consideration, and the people should be permitted to express their opinion upon it at the ballot-box in a manner which leaves no room for doubt as to their wishes. I trust you will find space for these few remarks in your valuable columns. Sir,—The question now before the country is one that concerns every parent and every citizen alike, and it is to be hoped that the matter will be discussed with that calmness and fairness which its importance demands. The arguments advanced on either side deserve careful consideration, and the people should be permitted to express their opinion upon it at the ballot-box in a manner which leaves no room for doubt as to their wishes. I trust you will find space for these few remarks in your valuable columns.
AUSTRALASIAN TOWN PLANNING TOUR.
TOWN PLANNING FOR NEW ZEALAND.
Sir,—The question now before the country is one that concerns every parent and every citizen alike, and it is to be hoped that the matter will be discussed with that calmness and fairness which its importance demands. The arguments advanced on either side deserve careful consideration, and the people should be permitted to express their opinion upon it at the ballot-box in a manner which leaves no room for doubt as to their wishes. I trust you will find space for these few remarks in your valuable columns. Sir,—The question now before the country is one that concerns every parent and every citizen alike, and it is to be hoped that the matter will be discussed with that calmness and fairness which its importance demands. The arguments advanced on either side deserve careful consideration, and the people should be permitted to express their opinion upon it at the ballot-box in a manner which leaves no room for doubt as to their wishes. I trust you will find space for these few remarks in your valuable columns.
MASON'S GARDENS.
TEA, LOW, BUTT
Sir,—The question now before the country is one that concerns every parent and every citizen alike, and it is to be hoped that the matter will be discussed with that calmness and fairness which its importance demands. The arguments advanced on either side deserve careful consideration, and the people should be permitted to express their opinion upon it at the ballot-box in a manner which leaves no room for doubt as to their wishes. I trust you will find space for these few remarks in your valuable columns. Sir,—The question now before the country is one that concerns every parent and every citizen alike, and it is to be hoped that the matter will be discussed with that calmness and fairness which its importance demands. The arguments advanced on either side deserve careful consideration, and the people should be permitted to express their opinion upon it at the ballot-box in a manner which leaves no room for doubt as to their wishes. I trust you will find space for these few remarks in your valuable columns.
WHITCOMBE'S
Great Sale!
This Remarkable and Interesting Event begins on
Thursday July 16th
when Extraordinary Bargains will be offered in All Departments!
3/6 Novels ........ at 1/- each
1/- Writing Tablets for 7d.
3/- Box Stationery ........ for 2/-
Envelopes at 3/- per thousand
Playing Cards at reduced prices
32/6 Ladies Hand Bags at 22/6
Leather Goods Very Sharply Reduced
THE DISCOUNTS RANGE FROM 10 PER CENT. TO 50 PER CENT.
Catalogues
If you wish to have all the details of this Great Sale write for our "SALE" CATALOGUE, which will be sent Post Free.
Whitcombe & Tombs Ltd.
Lambton Quay	Wellington
